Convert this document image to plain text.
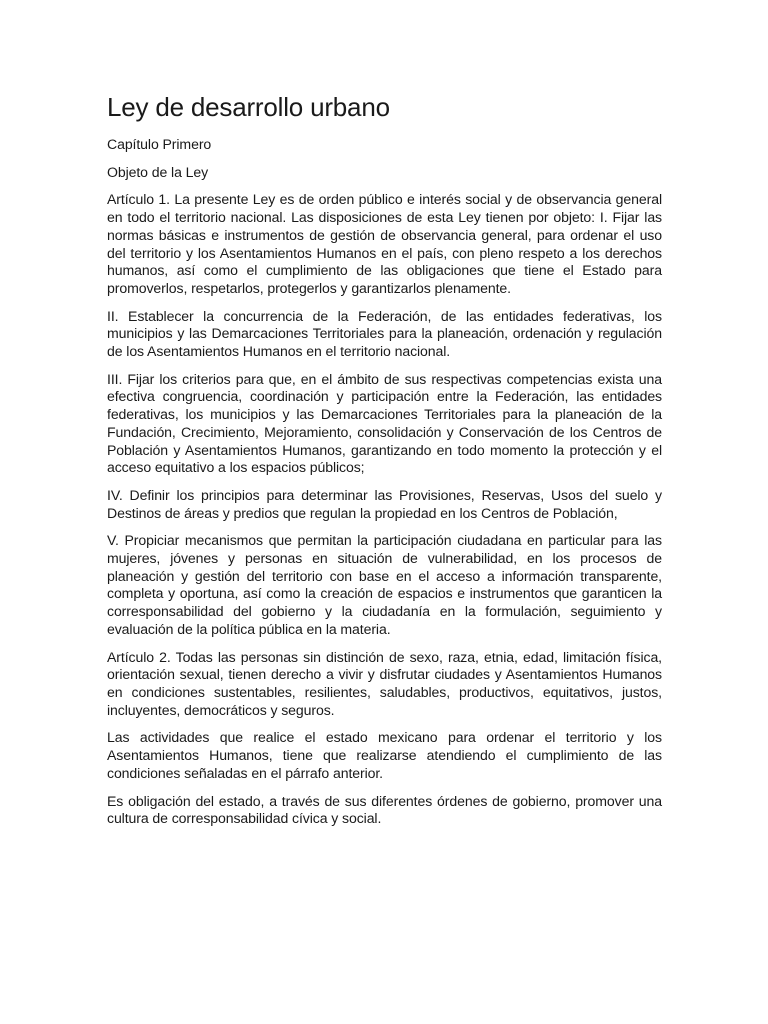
Ley de desarrollo urbano

Capítulo Primero

Objeto de la Ley

Artículo 1. La presente Ley es de orden público e interés social y de observancia general en todo el territorio nacional. Las disposiciones de esta Ley tienen por objeto: I. Fijar las normas básicas e instrumentos de gestión de observancia general, para ordenar el uso del territorio y los Asentamientos Humanos en el país, con pleno respeto a los derechos humanos, así como el cumplimiento de las obligaciones que tiene el Estado para promoverlos, respetarlos, protegerlos y garantizarlos plenamente.

II. Establecer la concurrencia de la Federación, de las entidades federativas, los municipios y las Demarcaciones Territoriales para la planeación, ordenación y regulación de los Asentamientos Humanos en el territorio nacional.

III. Fijar los criterios para que, en el ámbito de sus respectivas competencias exista una efectiva congruencia, coordinación y participación entre la Federación, las entidades federativas, los municipios y las Demarcaciones Territoriales para la planeación de la Fundación, Crecimiento, Mejoramiento, consolidación y Conservación de los Centros de Población y Asentamientos Humanos, garantizando en todo momento la protección y el acceso equitativo a los espacios públicos;

IV. Definir los principios para determinar las Provisiones, Reservas, Usos del suelo y Destinos de áreas y predios que regulan la propiedad en los Centros de Población,

V. Propiciar mecanismos que permitan la participación ciudadana en particular para las mujeres, jóvenes y personas en situación de vulnerabilidad, en los procesos de planeación y gestión del territorio con base en el acceso a información transparente, completa y oportuna, así como la creación de espacios e instrumentos que garanticen la corresponsabilidad del gobierno y la ciudadanía en la formulación, seguimiento y evaluación de la política pública en la materia.

Artículo 2. Todas las personas sin distinción de sexo, raza, etnia, edad, limitación física, orientación sexual, tienen derecho a vivir y disfrutar ciudades y Asentamientos Humanos en condiciones sustentables, resilientes, saludables, productivos, equitativos, justos, incluyentes, democráticos y seguros.

Las actividades que realice el estado mexicano para ordenar el territorio y los Asentamientos Humanos, tiene que realizarse atendiendo el cumplimiento de las condiciones señaladas en el párrafo anterior.

Es obligación del estado, a través de sus diferentes órdenes de gobierno, promover una cultura de corresponsabilidad cívica y social.
